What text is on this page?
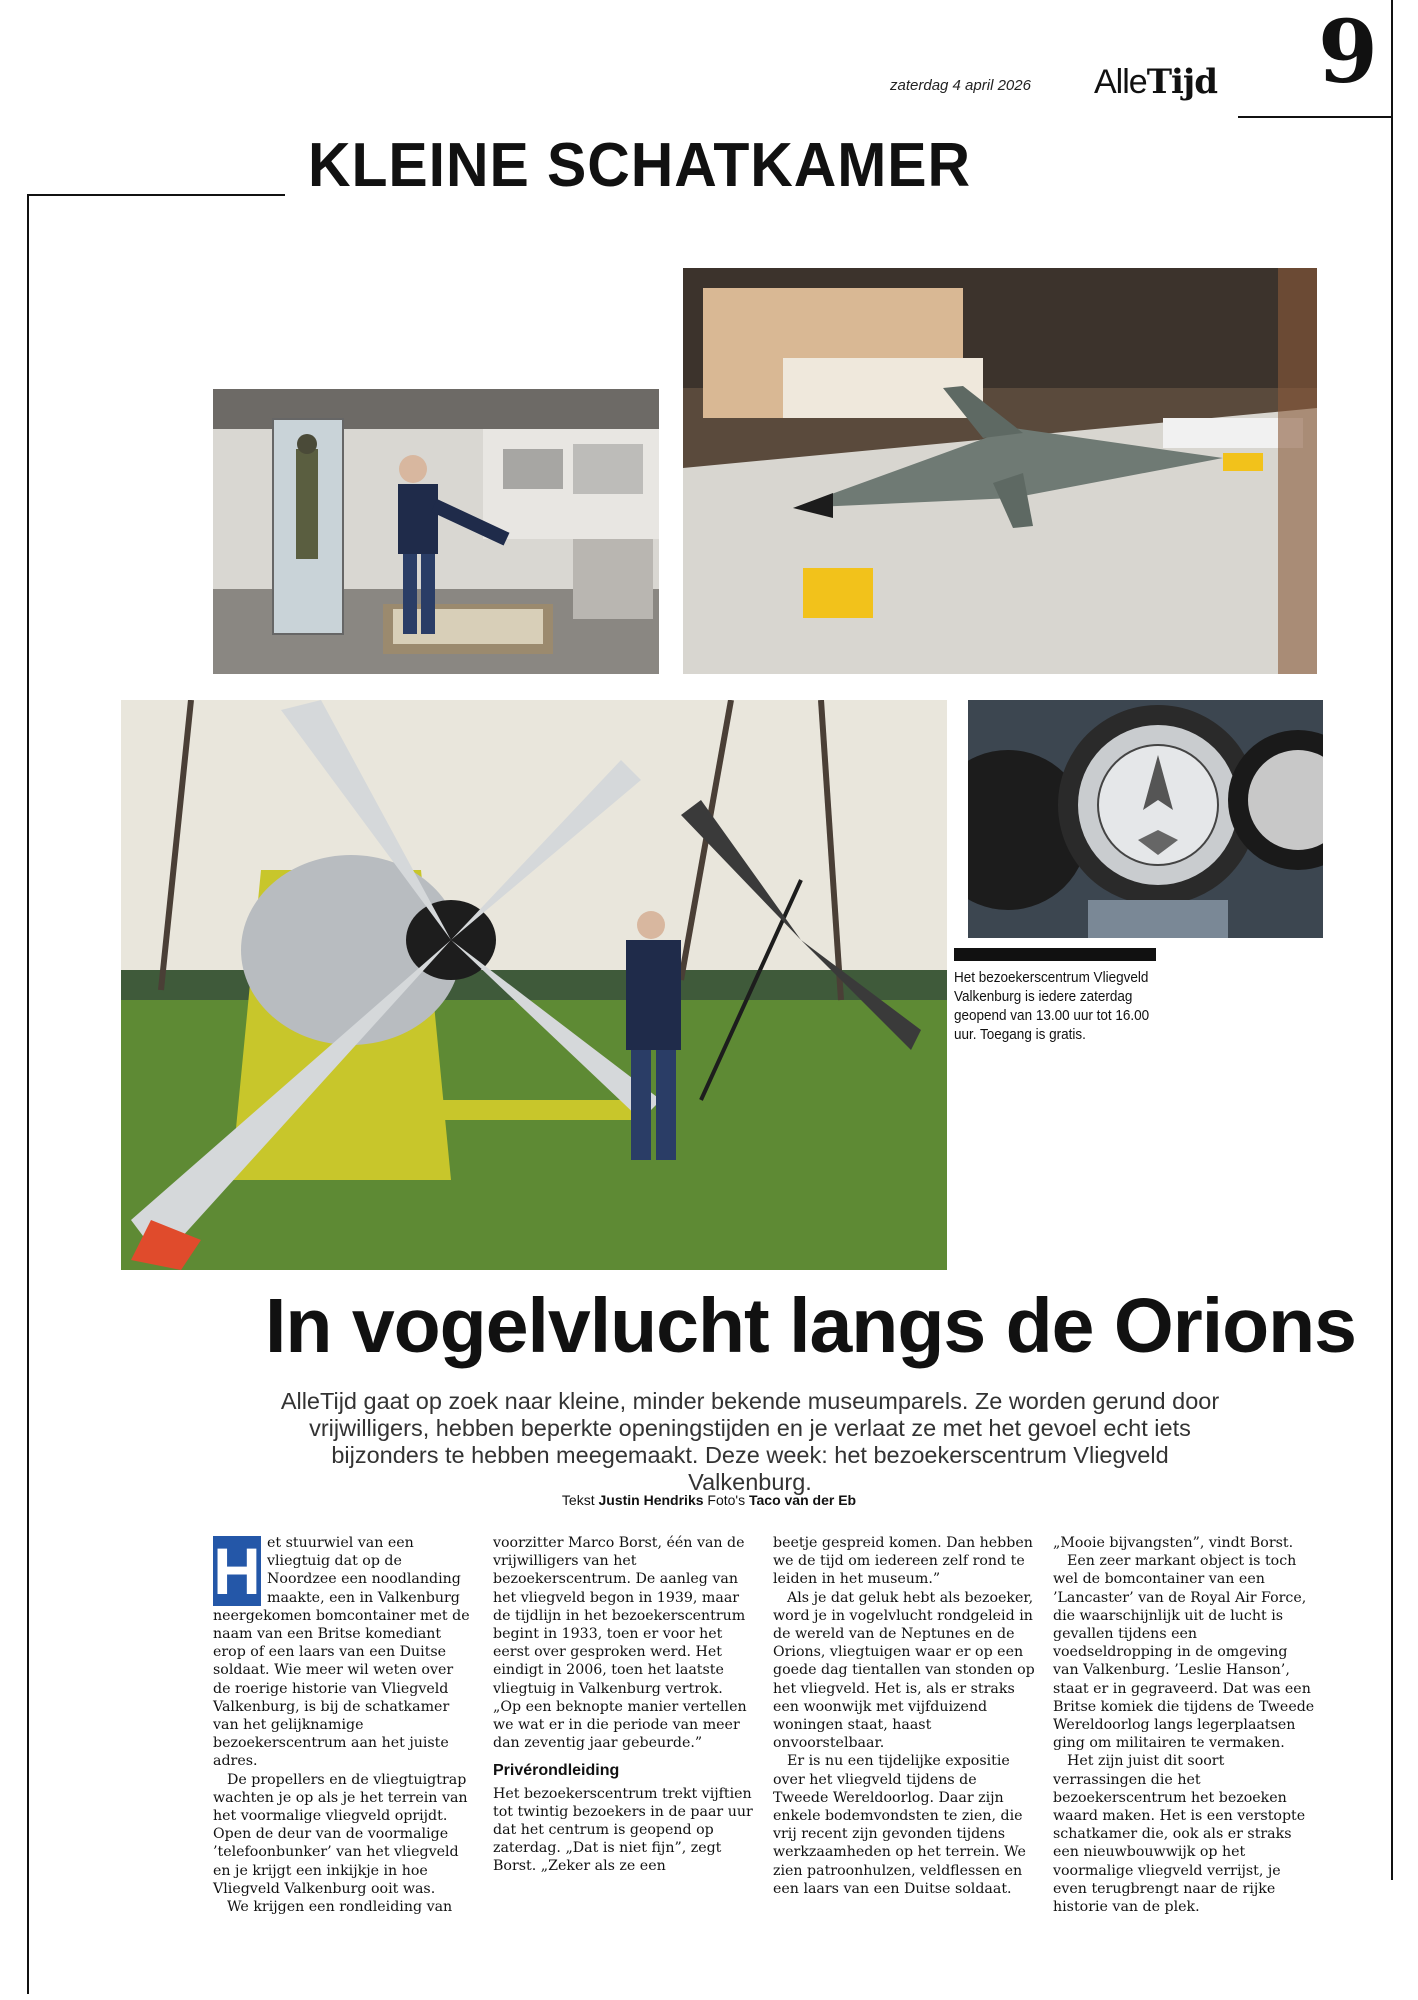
zaterdag 4 april 2026 AlleTijd 9
KLEINE SCHATKAMER
Het bezoekerscentrum Vliegveld Valkenburg is iedere zaterdag geopend van 13.00 uur tot 16.00 uur. Toegang is gratis.
In vogelvlucht langs de Orions
AlleTijd gaat op zoek naar kleine, minder bekende museumparels. Ze worden gerund door vrijwilligers, hebben beperkte openingstijden en je verlaat ze met het gevoel echt iets bijzonders te hebben meegemaakt. Deze week: het bezoekerscentrum Vliegveld Valkenburg.
Tekst Justin Hendriks Foto's Taco van der Eb
H et stuurwiel van een vliegtuig dat op de Noordzee een noodlanding maakte, een in Valkenburg neergekomen bomcontainer met de naam van een Britse komediant erop of een laars van een Duitse soldaat. Wie meer wil weten over de roerige historie van Vliegveld Valkenburg, is bij de schatkamer van het gelijknamige bezoekerscentrum aan het juiste adres.

De propellers en de vliegtuigtrap wachten je op als je het terrein van het voormalige vliegveld oprijdt. Open de deur van de voormalige ’telefoonbunker’ van het vliegveld en je krijgt een inkijkje in hoe Vliegveld Valkenburg ooit was.

We krijgen een rondleiding van

voorzitter Marco Borst, één van de vrijwilligers van het bezoekerscentrum. De aanleg van het vliegveld begon in 1939, maar de tijdlijn in het bezoekerscentrum begint in 1933, toen er voor het eerst over gesproken werd. Het eindigt in 2006, toen het laatste vliegtuig in Valkenburg vertrok. „Op een beknopte manier vertellen we wat er in die periode van meer dan zeventig jaar gebeurde.”

Privérondleiding

Het bezoekerscentrum trekt vijftien tot twintig bezoekers in de paar uur dat het centrum is geopend op zaterdag. „Dat is niet fijn”, zegt Borst. „Zeker als ze een

beetje gespreid komen. Dan hebben we de tijd om iedereen zelf rond te leiden in het museum.”

Als je dat geluk hebt als bezoeker, word je in vogelvlucht rondgeleid in de wereld van de Neptunes en de Orions, vliegtuigen waar er op een goede dag tientallen van stonden op het vliegveld. Het is, als er straks een woonwijk met vijfduizend woningen staat, haast onvoorstelbaar.

Er is nu een tijdelijke expositie over het vliegveld tijdens de Tweede Wereldoorlog. Daar zijn enkele bodemvondsten te zien, die vrij recent zijn gevonden tijdens werkzaamheden op het terrein. We zien patroonhulzen, veldflessen en een laars van een Duitse soldaat.

„Mooie bijvangsten”, vindt Borst.

Een zeer markant object is toch wel de bomcontainer van een ’Lancaster’ van de Royal Air Force, die waarschijnlijk uit de lucht is gevallen tijdens een voedseldropping in de omgeving van Valkenburg. ’Leslie Hanson’, staat er in gegraveerd. Dat was een Britse komiek die tijdens de Tweede Wereldoorlog langs legerplaatsen ging om militairen te vermaken.

Het zijn juist dit soort verrassingen die het bezoekerscentrum het bezoeken waard maken. Het is een verstopte schatkamer die, ook als er straks een nieuwbouwwijk op het voormalige vliegveld verrijst, je even terugbrengt naar de rijke historie van de plek.
